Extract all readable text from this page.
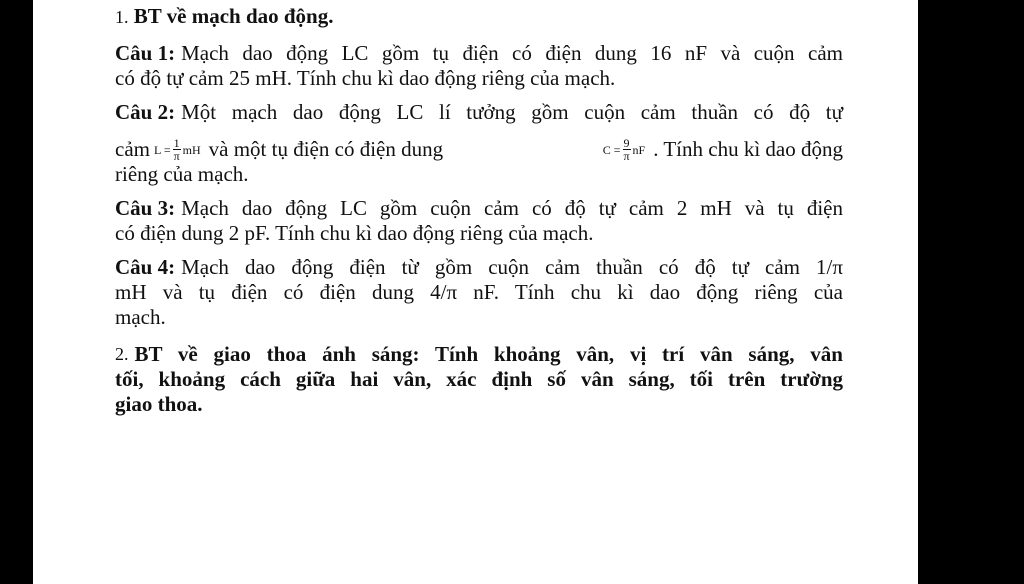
1. BT về mạch dao động.
Câu 1: Mạch dao động LC gồm tụ điện có điện dung 16 nF và cuộn cảm
có độ tự cảm 25 mH. Tính chu kì dao động riêng của mạch.
Câu 2: Một mạch dao động LC lí tưởng gồm cuộn cảm thuần có độ tự
cảm $L = \frac{1}{\pi}$ mH và một tụ điện có điện dung	$C = \frac{9}{\pi}$ nF . Tính chu kì dao động
riêng của mạch.
Câu 3: Mạch dao động LC gồm cuộn cảm có độ tự cảm 2 mH và tụ điện
có điện dung 2 pF. Tính chu kì dao động riêng của mạch.
Câu 4: Mạch dao động điện từ gồm cuộn cảm thuần có độ tự cảm 1/π
mH và tụ điện có điện dung 4/π nF. Tính chu kì dao động riêng của
mạch.
2. BT về giao thoa ánh sáng: Tính khoảng vân, vị trí vân sáng, vân
tối, khoảng cách giữa hai vân, xác định số vân sáng, tối trên trường
giao thoa.
